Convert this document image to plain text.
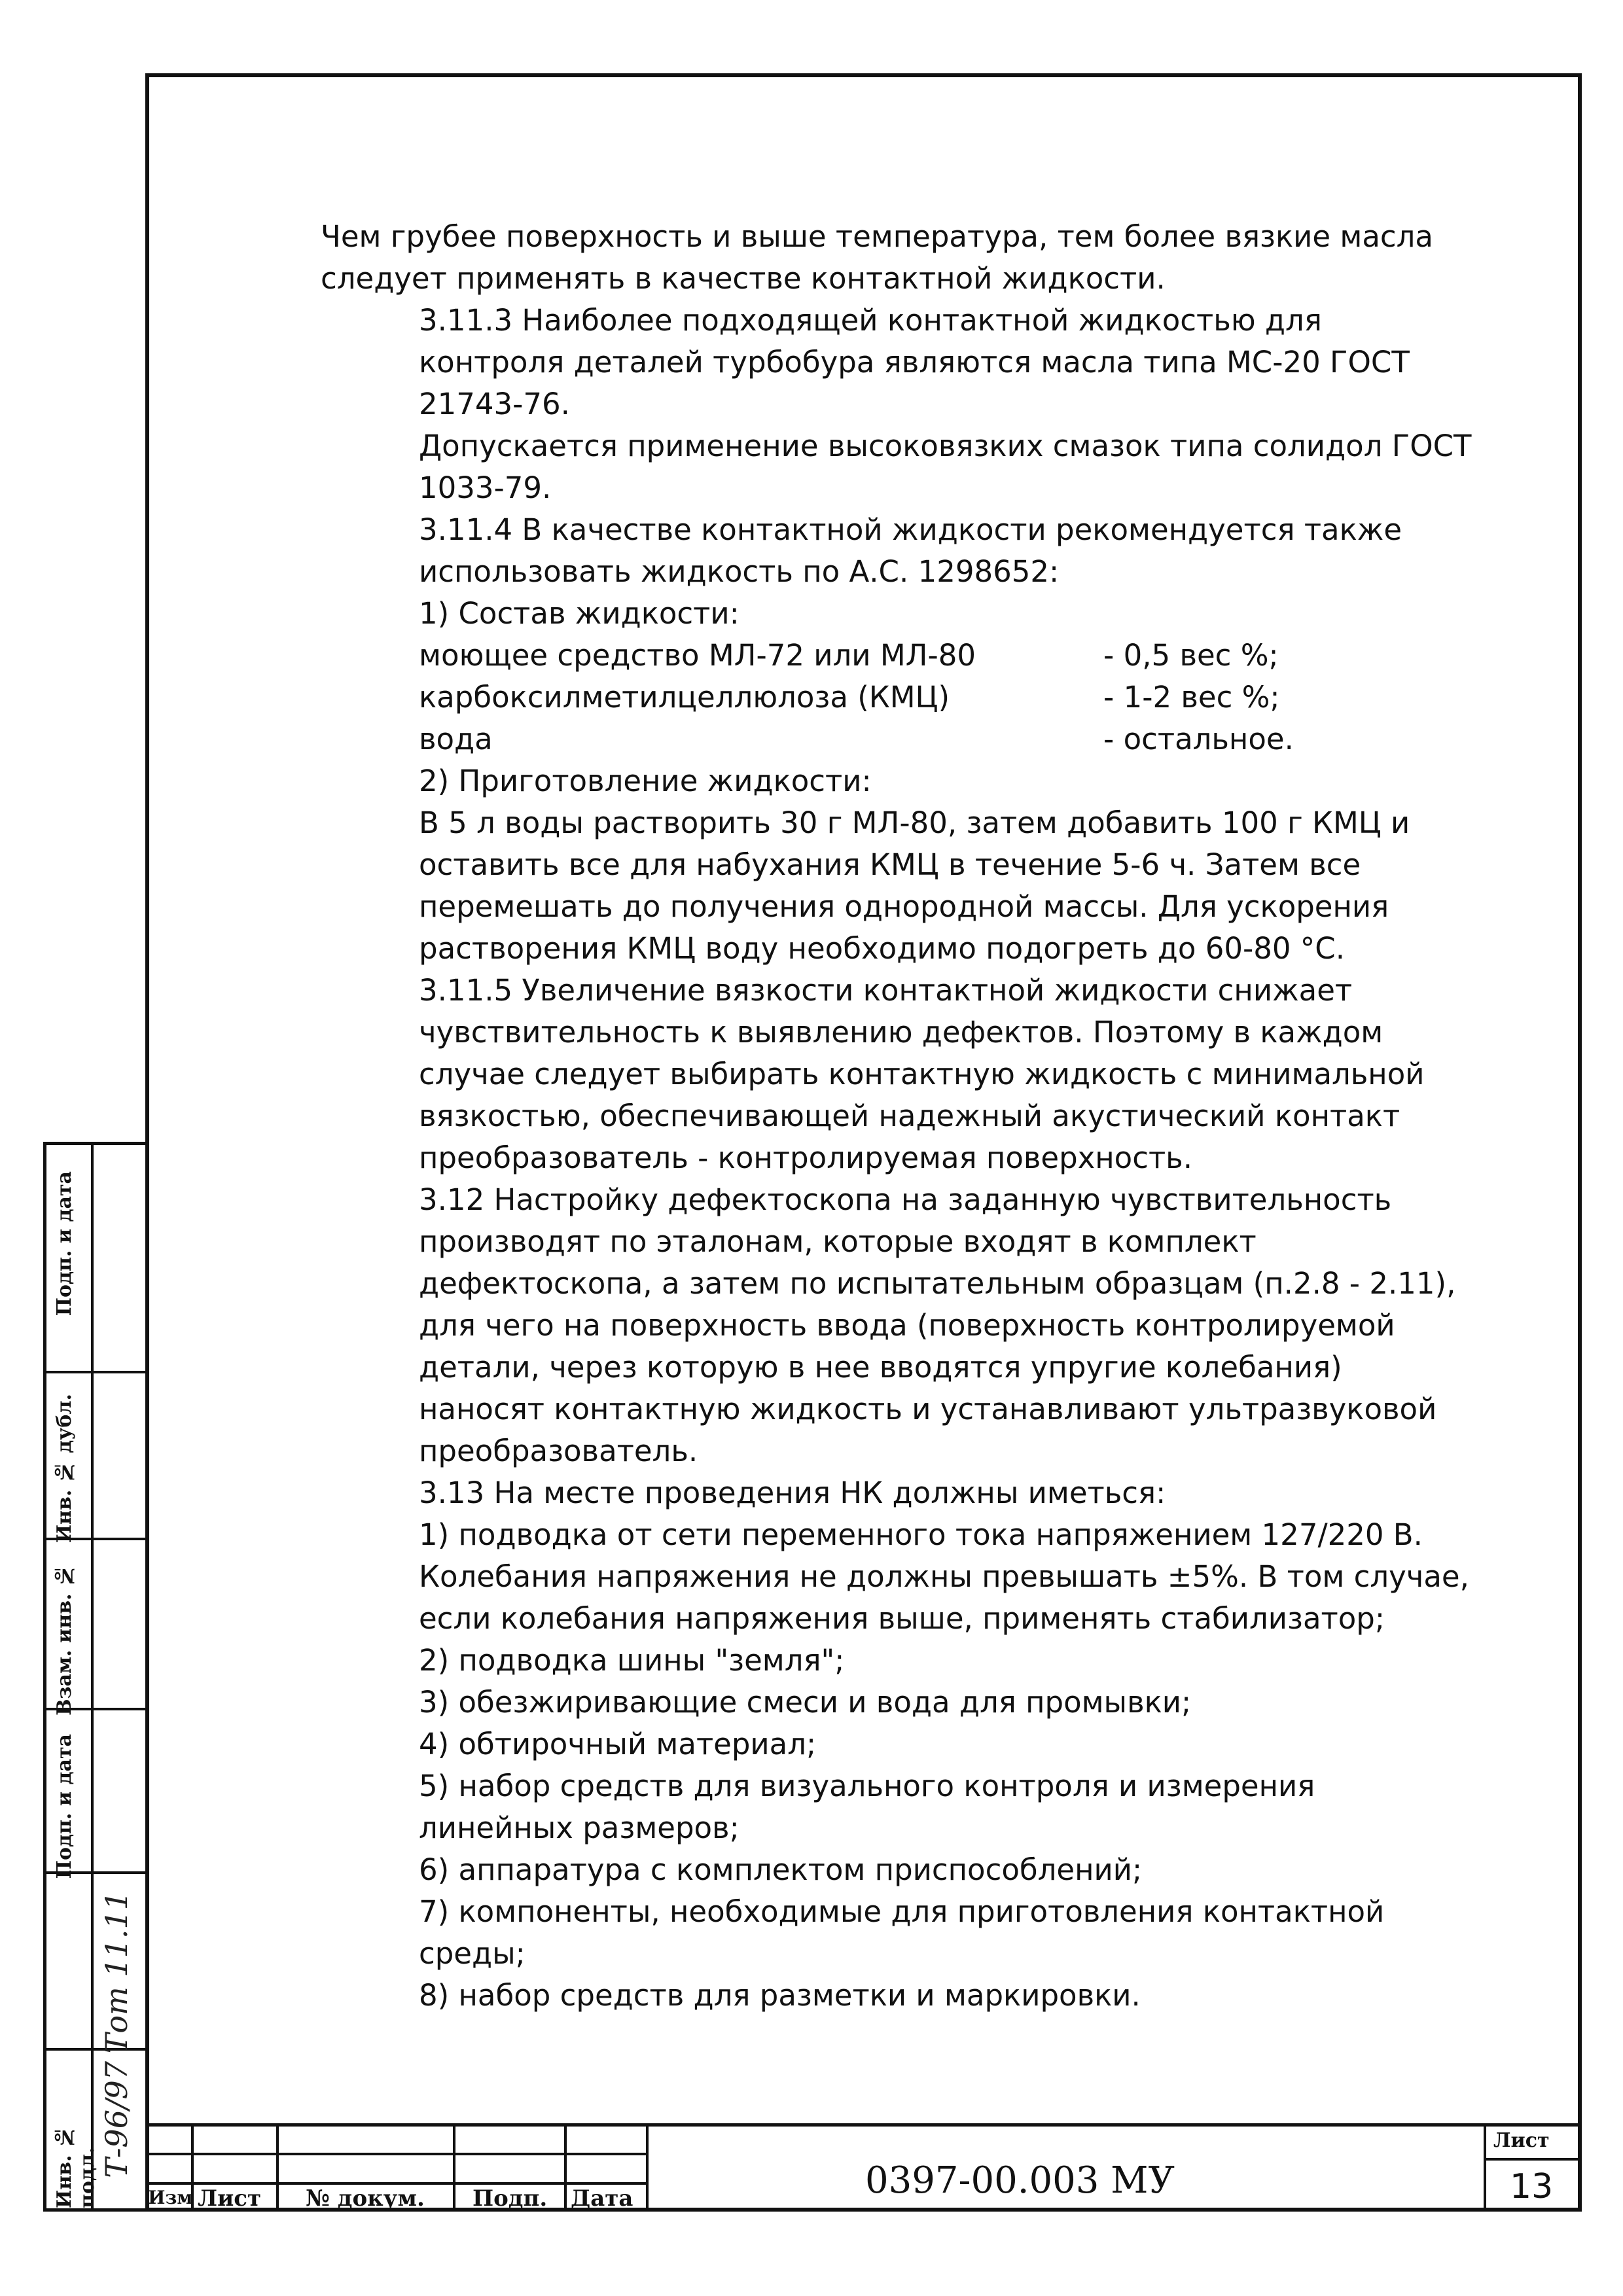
Чем грубее поверхность и выше температура, тем более вязкие масла следует применять в качестве контактной жидкости.

3.11.3 Наиболее подходящей контактной жидкостью для контроля деталей турбобура являются масла типа МС-20 ГОСТ 21743-76.

Допускается применение высоковязких смазок типа солидол ГОСТ 1033-79.

3.11.4 В качестве контактной жидкости рекомендуется также использовать жидкость по А.С. 1298652:

1) Состав жидкости:

моющее средство МЛ-72 или МЛ-80	- 0,5 вес %;
карбоксилметилцеллюлоза (КМЦ)	- 1-2 вес %;
вода	- остальное.

2) Приготовление жидкости:

В 5 л воды растворить 30 г МЛ-80, затем добавить 100 г КМЦ и оставить все для набухания КМЦ в течение 5-6 ч. Затем все перемешать до получения однородной массы. Для ускорения растворения КМЦ воду необходимо подогреть до 60-80 °С.

3.11.5 Увеличение вязкости контактной жидкости снижает чувствительность к выявлению дефектов. Поэтому в каждом случае следует выбирать контактную жидкость с минимальной вязкостью, обеспечивающей надежный акустический контакт преобразователь - контролируемая поверхность.

3.12 Настройку дефектоскопа на заданную чувствительность производят по эталонам, которые входят в комплект дефектоскопа, а затем по испытательным образцам (п.2.8 - 2.11), для чего на поверхность ввода (поверхность контролируемой детали, через которую в нее вводятся упругие колебания) наносят контактную жидкость и устанавливают ультразвуковой преобразователь.

3.13 На месте проведения НК должны иметься:

1) подводка от сети переменного тока напряжением 127/220 В. Колебания напряжения не должны превышать ±5%. В том случае, если колебания напряжения выше, применять стабилизатор;

2) подводка шины "земля";

3) обезжиривающие смеси и вода для промывки;

4) обтирочный материал;

5) набор средств для визуального контроля и измерения линейных размеров;

6) аппаратура с комплектом приспособлений;

7) компоненты, необходимые для приготовления контактной среды;

8) набор средств для разметки и маркировки.

Изм Лист № докум. Подп. Дата	0397-00.003 МУ
Лист
13
Подп. и дата
Инв. № дубл.
Взам. инв. №
Подп. и дата
Инв. № подл.
Тот 11.11
Т-96/97
